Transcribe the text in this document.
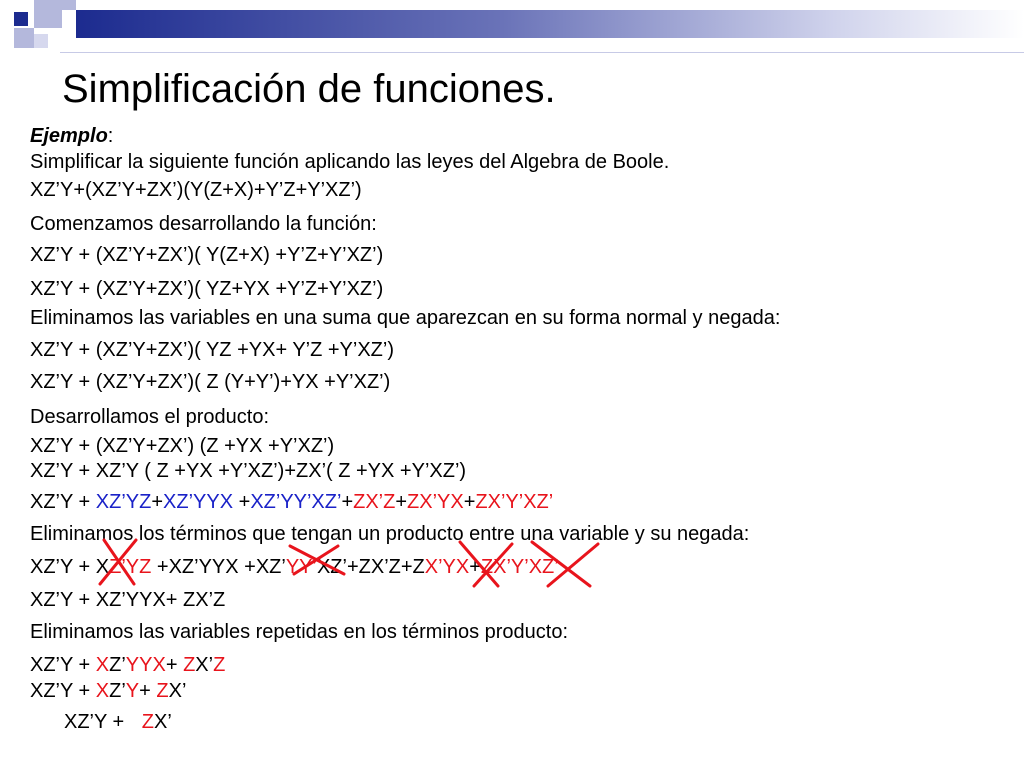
Simplificación de funciones.
Ejemplo:
Simplificar la siguiente función aplicando las leyes del Algebra de Boole.
XZ’Y+(XZ’Y+ZX’)(Y(Z+X)+Y’Z+Y’XZ’)
Comenzamos desarrollando la función:
XZ’Y + (XZ’Y+ZX’)( Y(Z+X) +Y’Z+Y’XZ’)
XZ’Y + (XZ’Y+ZX’)( YZ+YX +Y’Z+Y’XZ’)
Eliminamos las variables en una suma que aparezcan en su forma normal y negada:
XZ’Y + (XZ’Y+ZX’)( YZ +YX+ Y’Z +Y’XZ’)
XZ’Y + (XZ’Y+ZX’)( Z (Y+Y’)+YX +Y’XZ’)
Desarrollamos el producto:
XZ’Y + (XZ’Y+ZX’) (Z +YX +Y’XZ’)
XZ’Y + XZ’Y ( Z +YX +Y’XZ’)+ZX’( Z +YX +Y’XZ’)
XZ’Y + XZ’YZ+XZ’YYX +XZ’YY’XZ’+ZX’Z+ZX’YX+ZX’Y’XZ’
Eliminamos los términos que tengan un producto entre una variable y su negada:
XZ’Y + XZ’YZ +XZ’YYX +XZ’YY’XZ’+ZX’Z+ZX’YX+ZX’Y’XZ’
XZ’Y + XZ’YYX+ ZX’Z
Eliminamos las variables repetidas en los términos producto:
XZ’Y + XZ’YYX+ ZX’Z
XZ’Y + XZ’Y+ ZX’
XZ’Y + ZX’
